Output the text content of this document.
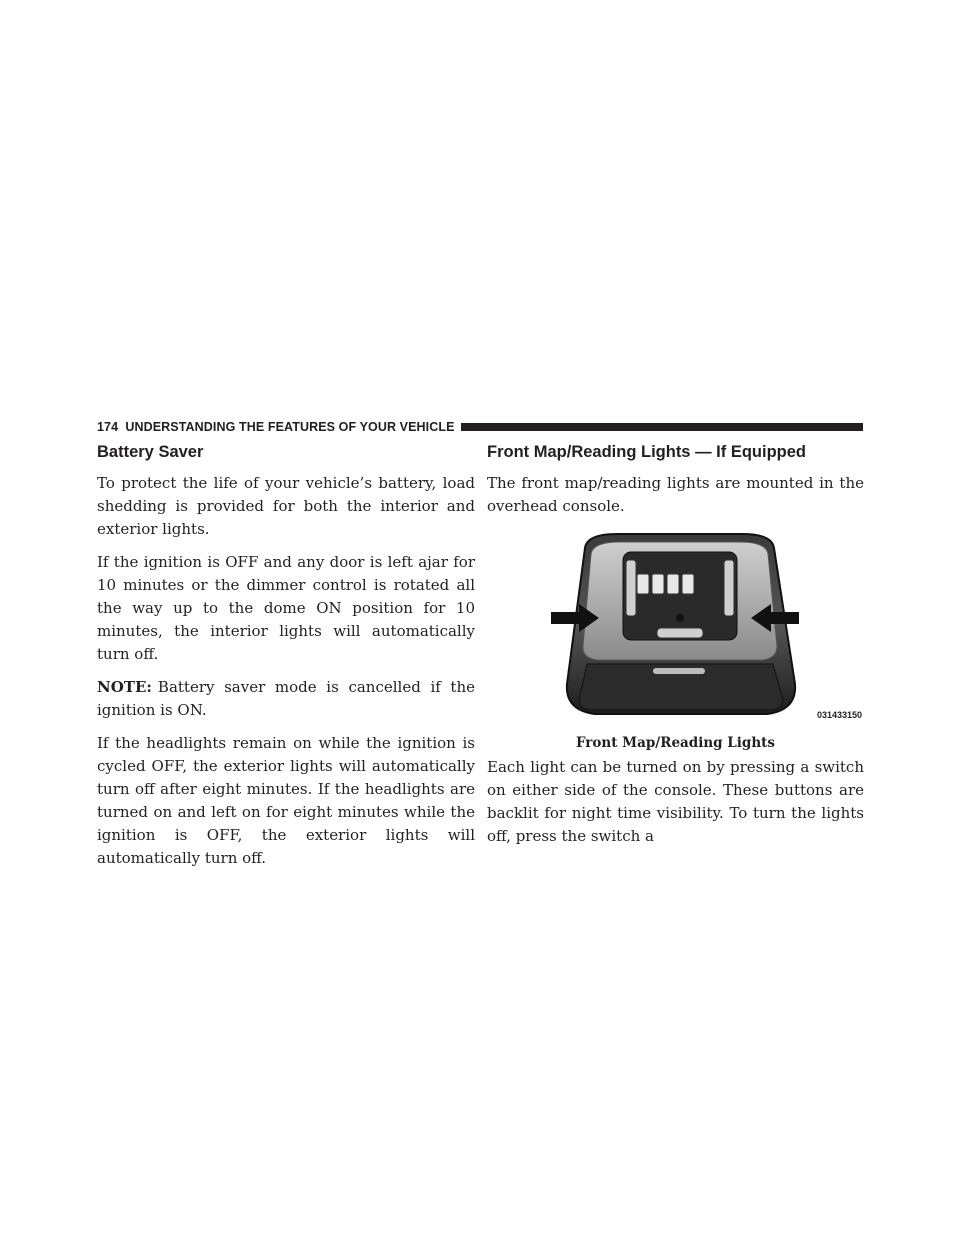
174 UNDERSTANDING THE FEATURES OF YOUR VEHICLE
Battery Saver

To protect the life of your vehicle’s battery, load shedding is provided for both the interior and exterior lights.

If the ignition is OFF and any door is left ajar for 10 minutes or the dimmer control is rotated all the way up to the dome ON position for 10 minutes, the interior lights will automatically turn off.

NOTE: Battery saver mode is cancelled if the ignition is ON.

If the headlights remain on while the ignition is cycled OFF, the exterior lights will automatically turn off after eight minutes. If the headlights are turned on and left on for eight minutes while the ignition is OFF, the exterior lights will automatically turn off.

Front Map/Reading Lights — If Equipped

The front map/reading lights are mounted in the overhead console.

031433150
Front Map/Reading Lights

Each light can be turned on by pressing a switch on either side of the console. These buttons are backlit for night time visibility. To turn the lights off, press the switch a
